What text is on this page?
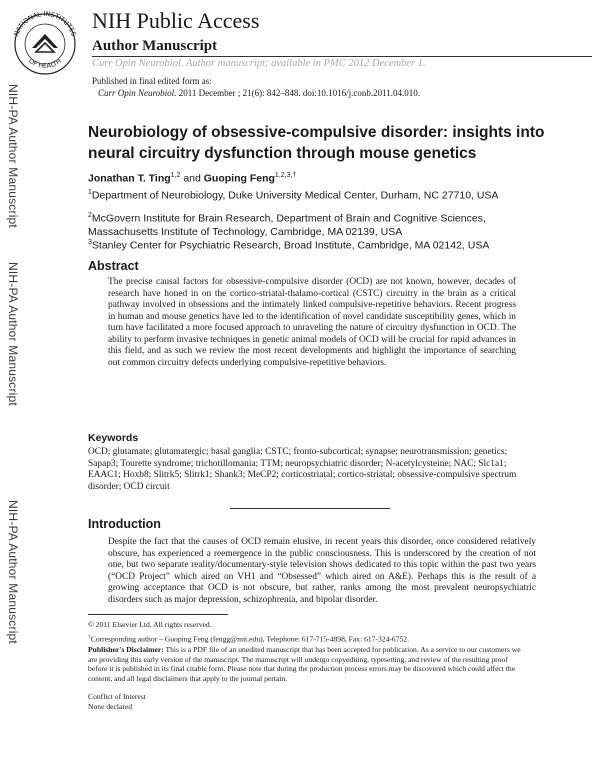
NATIONAL INSTITUTES
OF HEALTH
NIH Public Access
Author Manuscript
Curr Opin Neurobiol. Author manuscript; available in PMC 2012 December 1.
Published in final edited form as:
Curr Opin Neurobiol. 2011 December ; 21(6): 842–848. doi:10.1016/j.conb.2011.04.010.
NIH-PA Author Manuscript
NIH-PA Author Manuscript
NIH-PA Author Manuscript
Neurobiology of obsessive-compulsive disorder: insights into neural circuitry dysfunction through mouse genetics
Jonathan T. Ting$^{1,2}$ and Guoping Feng$^{1,2,3,\dagger}$
$^1$Department of Neurobiology, Duke University Medical Center, Durham, NC 27710, USA
$^2$McGovern Institute for Brain Research, Department of Brain and Cognitive Sciences, Massachusetts Institute of Technology, Cambridge, MA 02139, USA
$^3$Stanley Center for Psychiatric Research, Broad Institute, Cambridge, MA 02142, USA
Abstract
The precise causal factors for obsessive-compulsive disorder (OCD) are not known, however, decades of research have honed in on the cortico-striatal-thalamo-cortical (CSTC) circuitry in the brain as a critical pathway involved in obsessions and the intimately linked compulsive-repetitive behaviors. Recent progress in human and mouse genetics have led to the identification of novel candidate susceptibility genes, which in turn have facilitated a more focused approach to unraveling the nature of circuitry dysfunction in OCD. The ability to perform invasive techniques in genetic animal models of OCD will be crucial for rapid advances in this field, and as such we review the most recent developments and highlight the importance of searching out common circuitry defects underlying compulsive-repetitive behaviors.
Keywords
OCD; glutamate; glutamatergic; basal ganglia; CSTC; fronto-subcortical; synapse; neurotransmission; genetics; Sapap3; Tourette syndrome; trichotillomania; TTM; neuropsychiatric disorder; N-acetylcysteine; NAC; Slc1a1; EAAC1; Hoxb8; Slitrk5; Slitrk1; Shank3; MeCP2; corticostriatal; cortico-striatal; obsessive-compulsive spectrum disorder; OCD circuit
Introduction
Despite the fact that the causes of OCD remain elusive, in recent years this disorder, once considered relatively obscure, has experienced a reemergence in the public consciousness. This is underscored by the creation of not one, but two separate reality/documentary-style television shows dedicated to this topic within the past two years (“OCD Project” which aired on VH1 and “Obsessed” which aired on A&E). Perhaps this is the result of a growing acceptance that OCD is not obscure, but rather, ranks among the most prevalent neuropsychiatric disorders such as major depression, schizophrenia, and bipolar disorder.
© 2011 Elsevier Ltd. All rights reserved.
†Corresponding author – Guoping Feng (fengg@mit.edu), Telephone: 617-715-4898, Fax: 617-324-6752.
Publisher's Disclaimer: This is a PDF file of an unedited manuscript that has been accepted for publication. As a service to our customers we are providing this early version of the manuscript. The manuscript will undergo copyediting, typesetting, and review of the resulting proof before it is published in its final citable form. Please note that during the production process errors may be discovered which could affect the content, and all legal disclaimers that apply to the journal pertain.
Conflict of Interest
None declared
